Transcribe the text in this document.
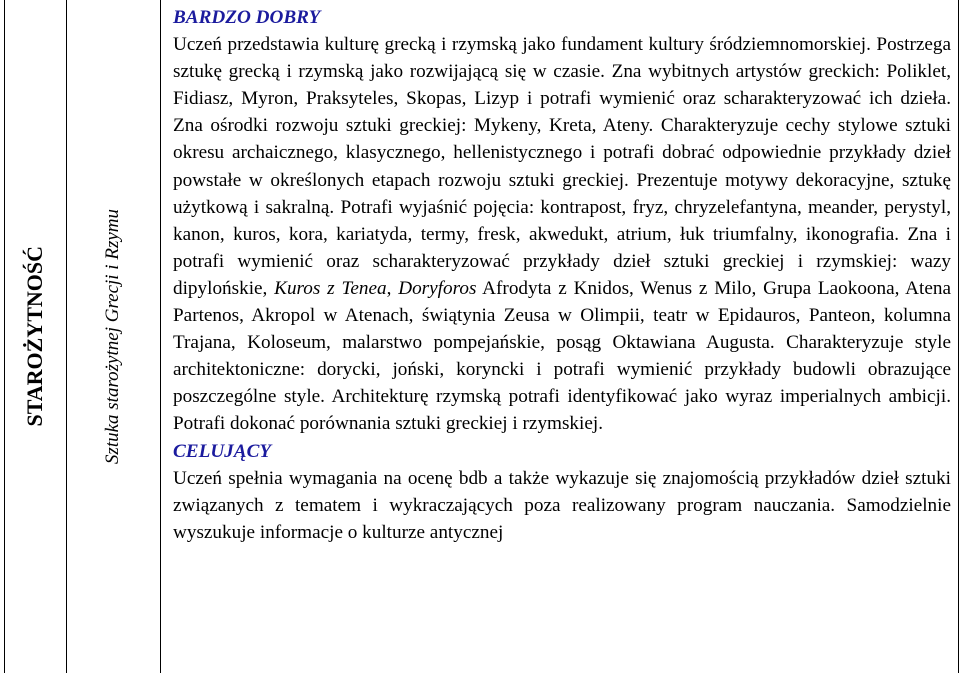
STAROŻYTNOŚĆ	Sztuka starożytnej Grecji i Rzymu

BARDZO DOBRY

Uczeń przedstawia kulturę grecką i rzymską jako fundament kultury śródziemnomorskiej. Postrzega sztukę grecką i rzymską jako rozwijającą się w czasie. Zna wybitnych artystów greckich: Poliklet, Fidiasz, Myron, Praksyteles, Skopas, Lizyp i potrafi wymienić oraz scharakteryzować ich dzieła. Zna ośrodki rozwoju sztuki greckiej: Mykeny, Kreta, Ateny. Charakteryzuje cechy stylowe sztuki okresu archaicznego, klasycznego, hellenistycznego i potrafi dobrać odpowiednie przykłady dzieł powstałe w określonych etapach rozwoju sztuki greckiej. Prezentuje motywy dekoracyjne, sztukę użytkową i sakralną. Potrafi wyjaśnić pojęcia: kontrapost, fryz, chryzelefantyna, meander, perystyl, kanon, kuros, kora, kariatyda, termy, fresk, akwedukt, atrium, łuk triumfalny, ikonografia. Zna i potrafi wymienić oraz scharakteryzować przykłady dzieł sztuki greckiej i rzymskiej: wazy dipylońskie, Kuros z Tenea, Doryforos Afrodyta z Knidos, Wenus z Milo, Grupa Laokoona, Atena Partenos, Akropol w Atenach, świątynia Zeusa w Olimpii, teatr w Epidauros, Panteon, kolumna Trajana, Koloseum, malarstwo pompejańskie, posąg Oktawiana Augusta. Charakteryzuje style architektoniczne: dorycki, joński, koryncki i potrafi wymienić przykłady budowli obrazujące poszczególne style. Architekturę rzymską potrafi identyfikować jako wyraz imperialnych ambicji. Potrafi dokonać porównania sztuki greckiej i rzymskiej.

CELUJĄCY

Uczeń spełnia wymagania na ocenę bdb a także wykazuje się znajomością przykładów dzieł sztuki związanych z tematem i wykraczających poza realizowany program nauczania. Samodzielnie wyszukuje informacje o kulturze antycznej
